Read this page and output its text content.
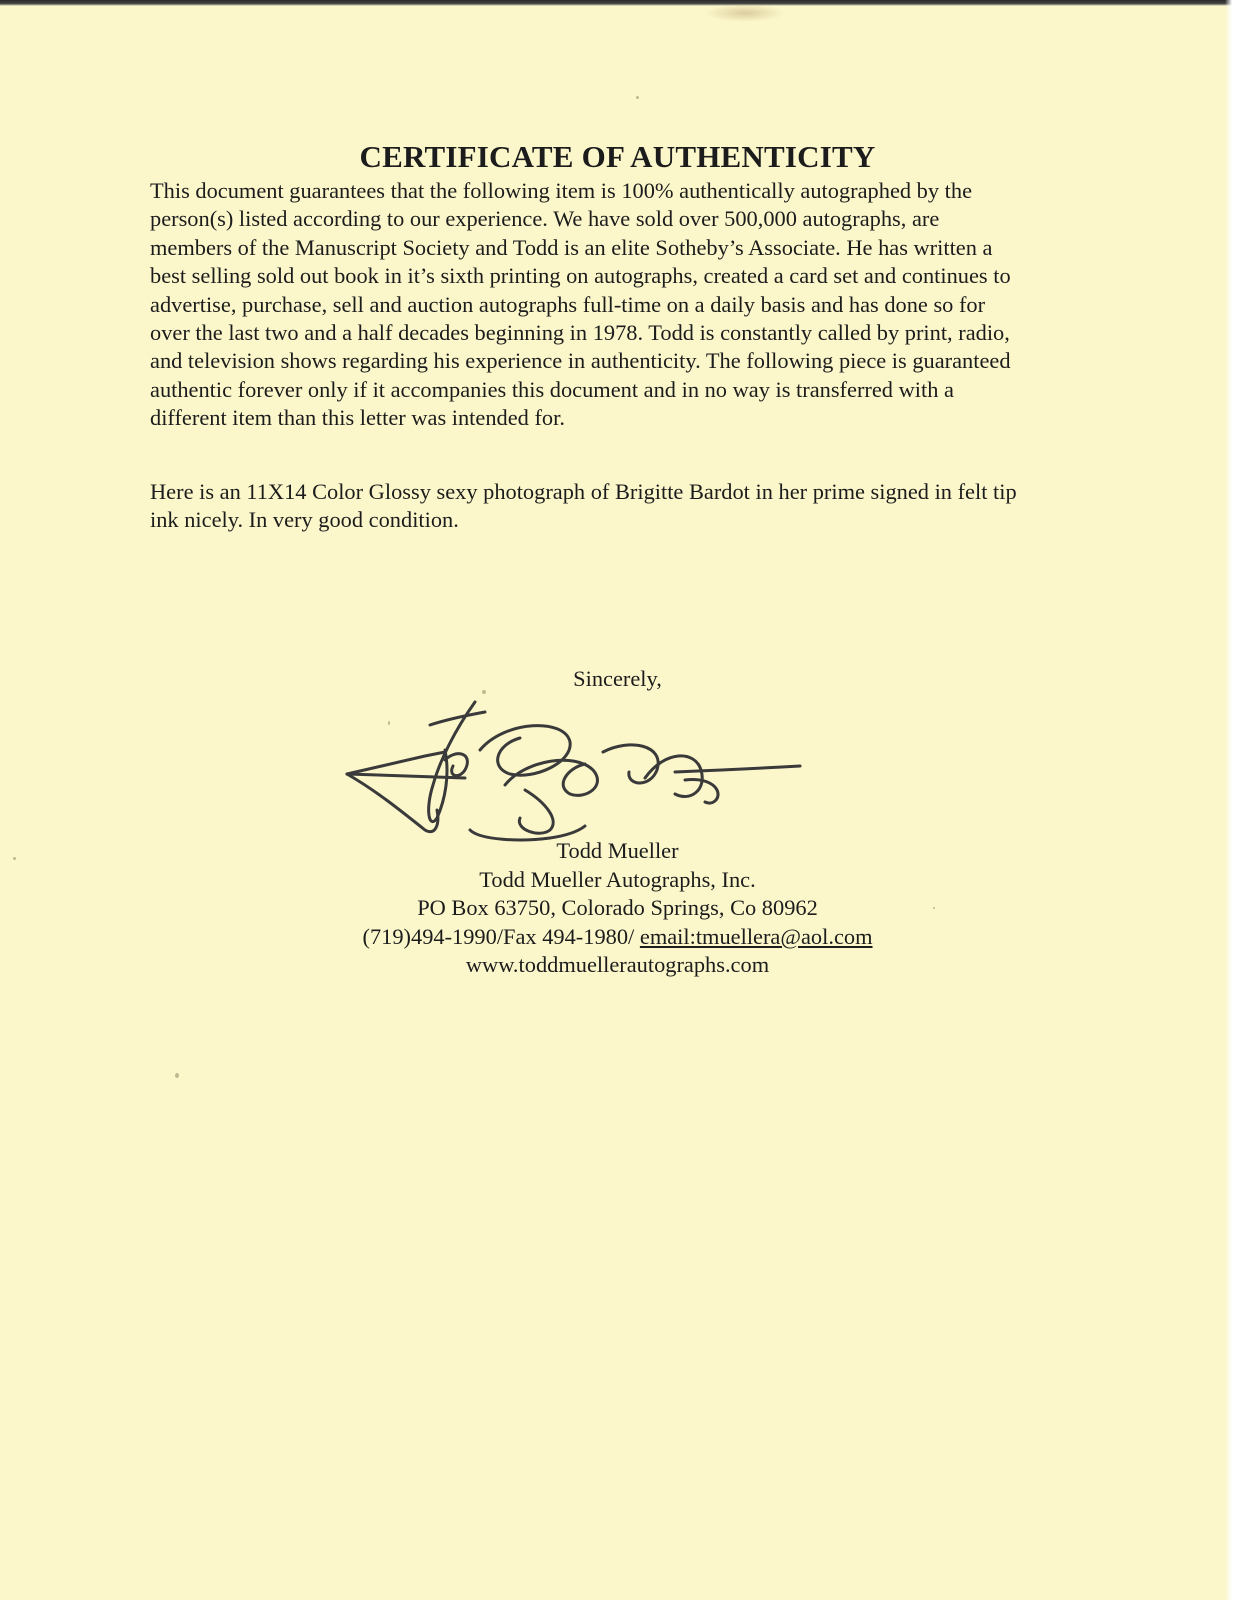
CERTIFICATE OF AUTHENTICITY

This document guarantees that the following item is 100% authentically autographed by the
person(s) listed according to our experience. We have sold over 500,000 autographs, are
members of the Manuscript Society and Todd is an elite Sotheby’s Associate. He has written a
best selling sold out book in it’s sixth printing on autographs, created a card set and continues to
advertise, purchase, sell and auction autographs full-time on a daily basis and has done so for
over the last two and a half decades beginning in 1978. Todd is constantly called by print, radio,
and television shows regarding his experience in authenticity. The following piece is guaranteed
authentic forever only if it accompanies this document and in no way is transferred with a
different item than this letter was intended for.

Here is an 11X14 Color Glossy sexy photograph of Brigitte Bardot in her prime signed in felt tip
ink nicely. In very good condition.

Sincerely,
Todd Mueller
Todd Mueller Autographs, Inc.
PO Box 63750, Colorado Springs, Co 80962
(719)494-1990/Fax 494-1980/ email:tmuellera@aol.com
www.toddmuellerautographs.com
